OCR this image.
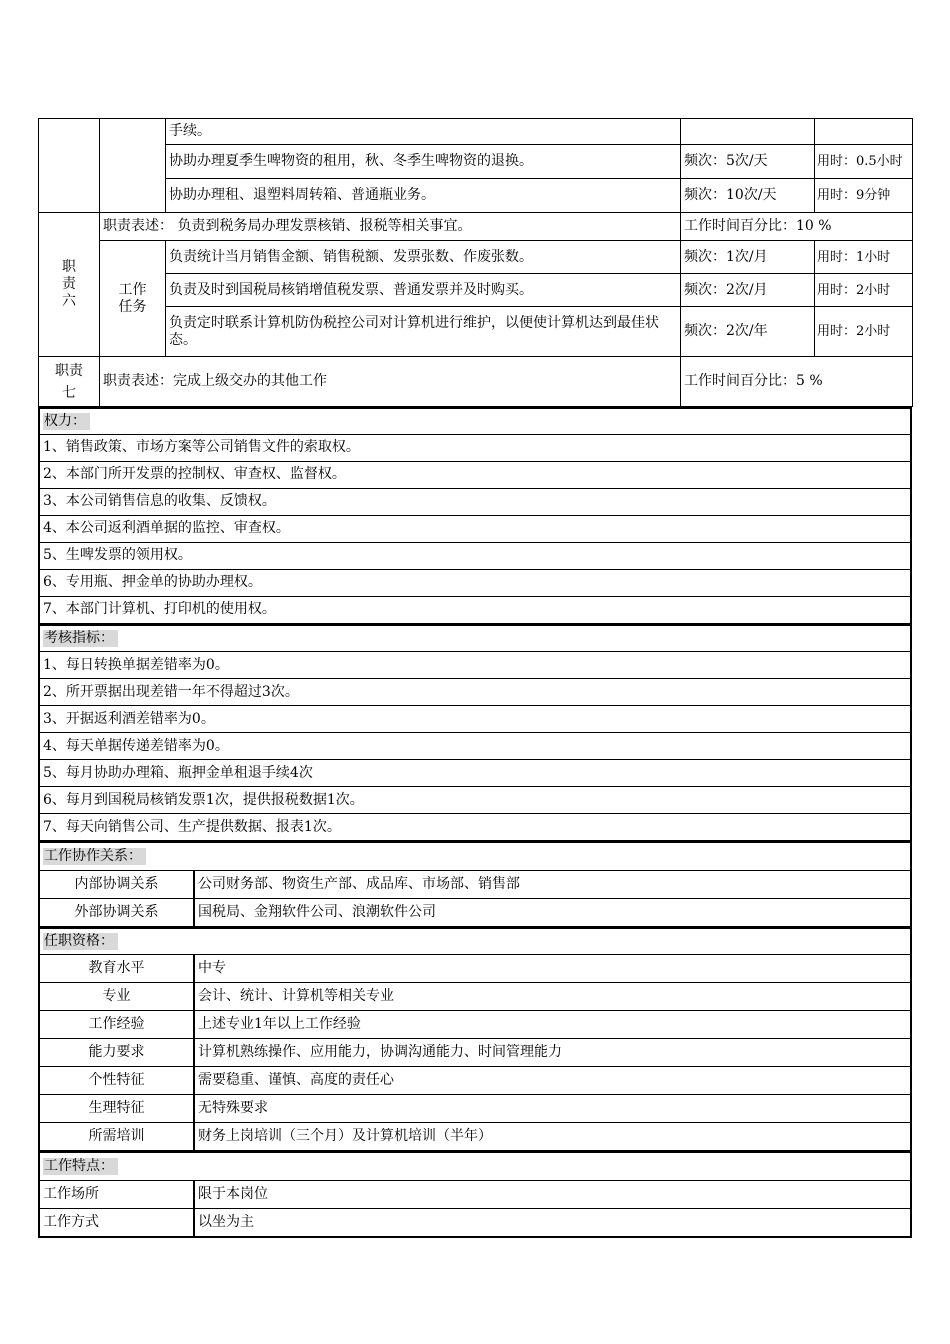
		手续。		
		协助办理夏季生啤物资的租用，秋、冬季生啤物资的退换。	频次：5次/天	用时：0.5小时
		协助办理租、退塑料周转箱、普通瓶业务。	频次：10次/天	用时：9分钟
职责六	职责表述： 负责到税务局办理发票核销、报税等相关事宜。		工作时间百分比：10 %	
	工作任务	负责统计当月销售金额、销售税额、发票张数、作废张数。	频次：1次/月	用时：1小时
		负责及时到国税局核销增值税发票、普通发票并及时购买。	频次：2次/月	用时：2小时
		负责定时联系计算机防伪税控公司对计算机进行维护，以便使计算机达到最佳状态。	频次：2次/年	用时：2小时
职责七	职责表述：完成上级交办的其他工作		工作时间百分比：5 %	
权力：
1、销售政策、市场方案等公司销售文件的索取权。
2、本部门所开发票的控制权、审查权、监督权。
3、本公司销售信息的收集、反馈权。
4、本公司返利酒单据的监控、审查权。
5、生啤发票的领用权。
6、专用瓶、押金单的协助办理权。
7、本部门计算机、打印机的使用权。
考核指标：
1、每日转换单据差错率为0。
2、所开票据出现差错一年不得超过3次。
3、开据返利酒差错率为0。
4、每天单据传递差错率为0。
5、每月协助办理箱、瓶押金单租退手续4次
6、每月到国税局核销发票1次，提供报税数据1次。
7、每天向销售公司、生产提供数据、报表1次。
工作协作关系：	
内部协调关系	公司财务部、物资生产部、成品库、市场部、销售部
外部协调关系	国税局、金翔软件公司、浪潮软件公司
任职资格：	
教育水平	中专
专业	会计、统计、计算机等相关专业
工作经验	上述专业1年以上工作经验
能力要求	计算机熟练操作、应用能力，协调沟通能力、时间管理能力
个性特征	需要稳重、谨慎、高度的责任心
生理特征	无特殊要求
所需培训	财务上岗培训（三个月）及计算机培训（半年）
工作特点：	
工作场所	限于本岗位
工作方式	以坐为主
